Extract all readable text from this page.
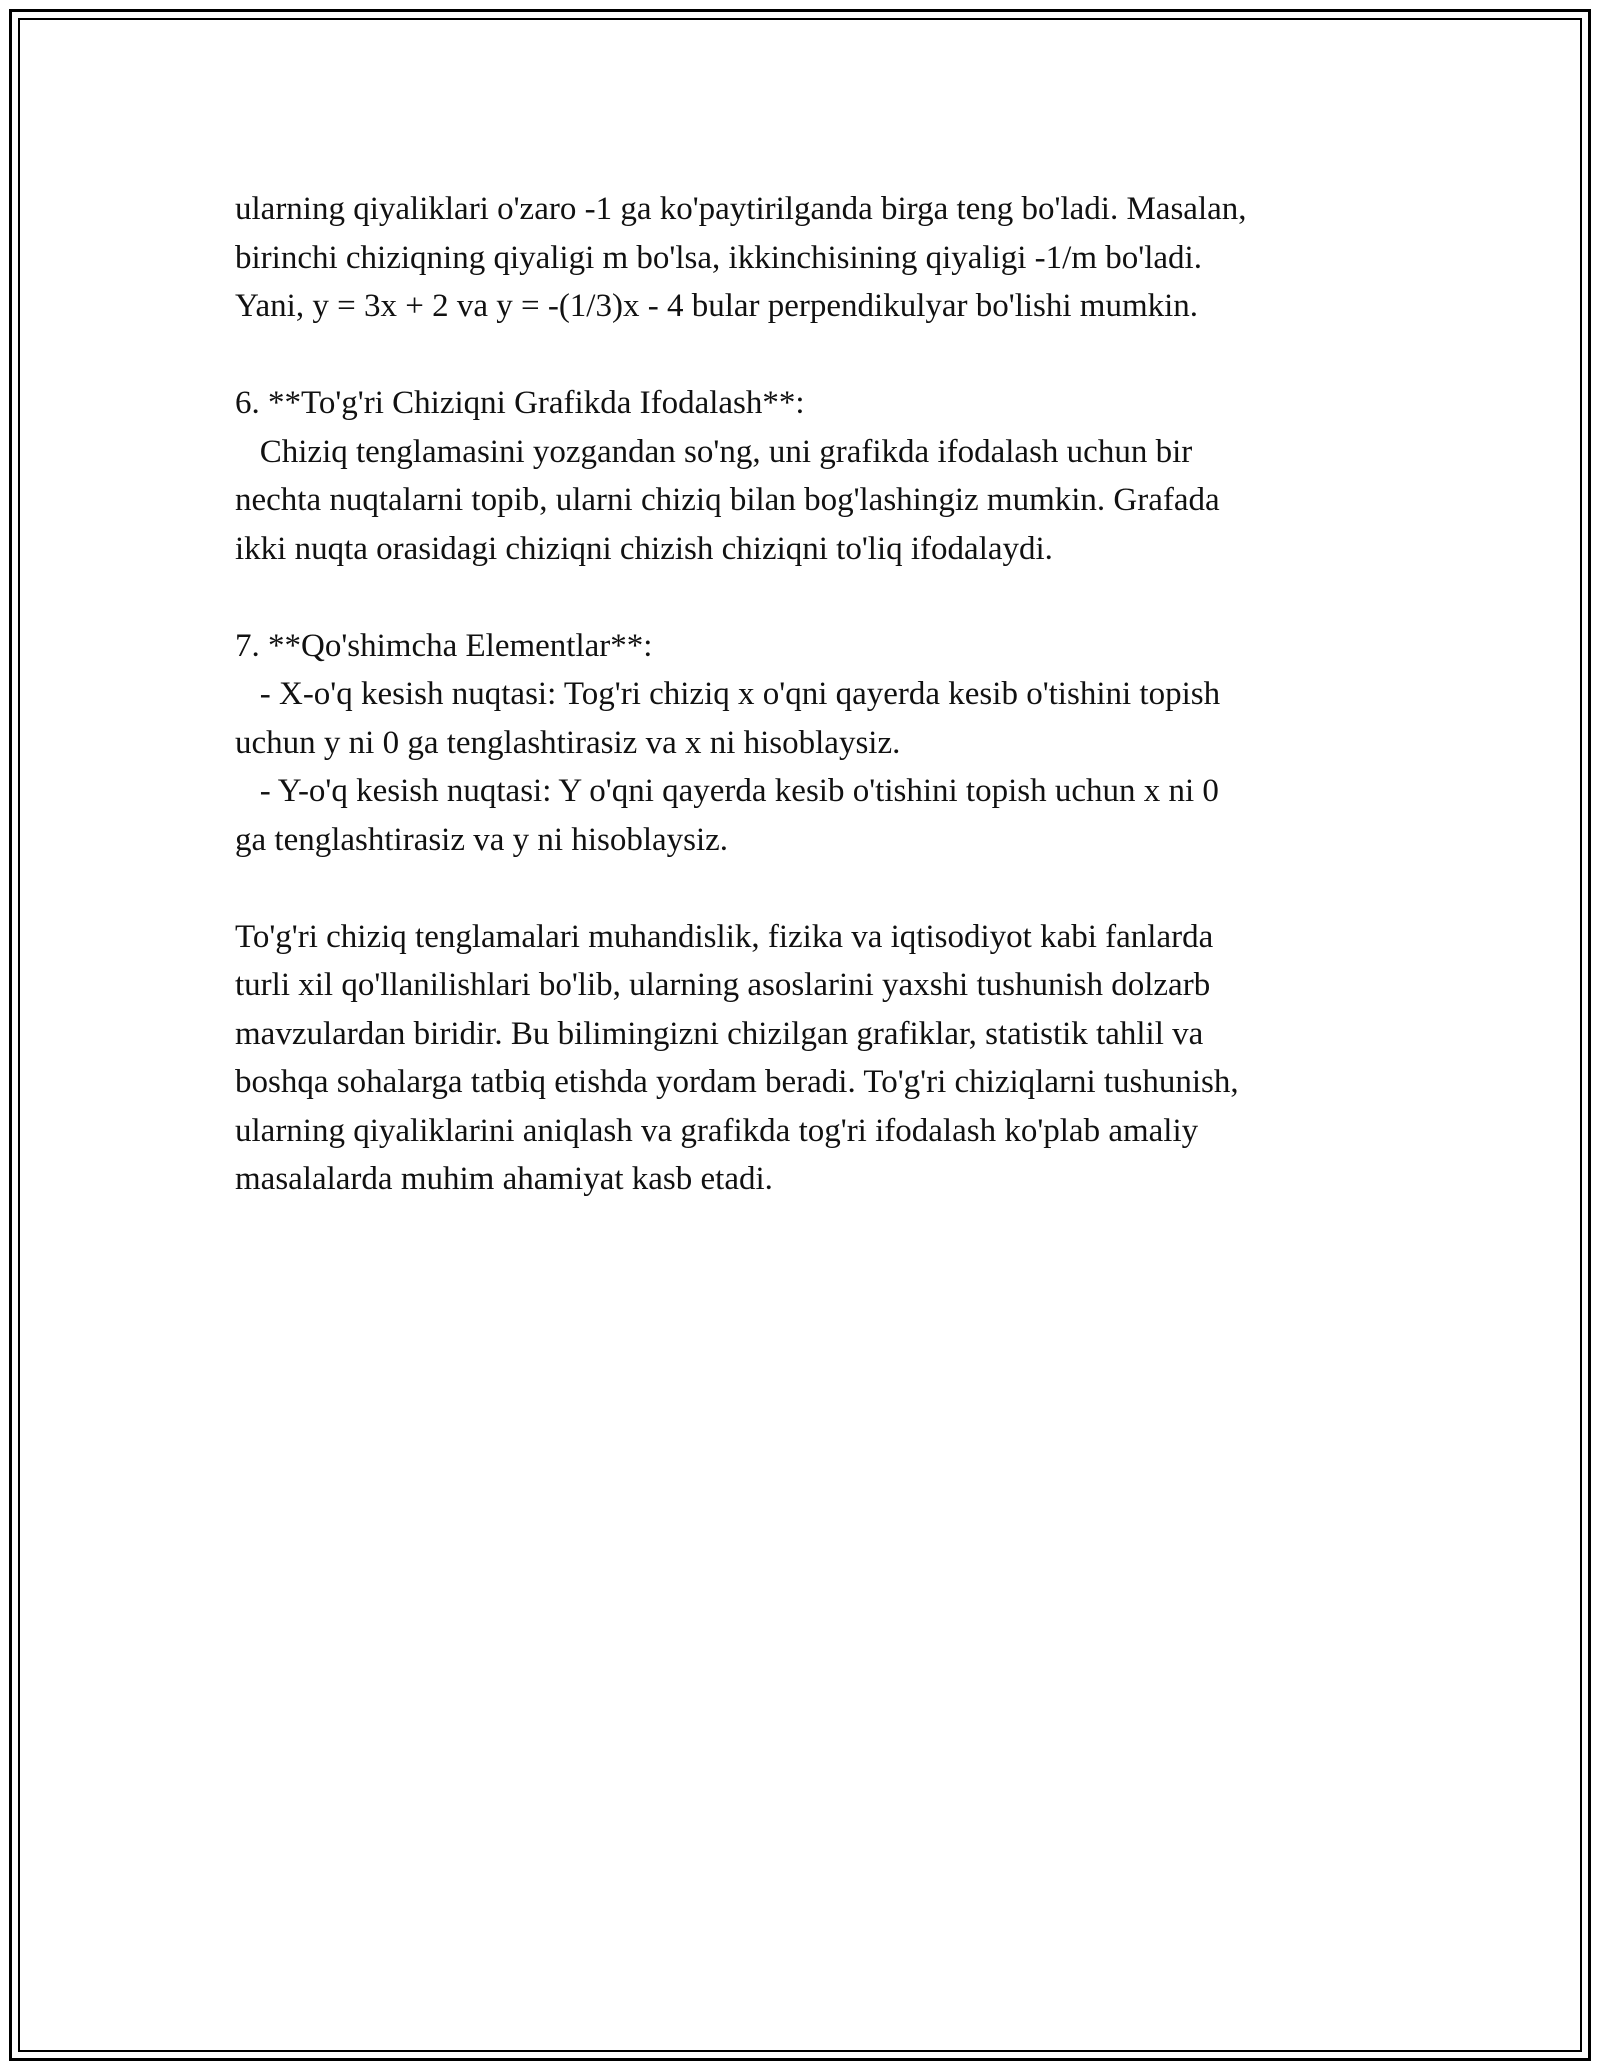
ularning qiyaliklari o'zaro -1 ga ko'paytirilganda birga teng bo'ladi. Masalan,
birinchi chiziqning qiyaligi m bo'lsa, ikkinchisining qiyaligi -1/m bo'ladi.
Yani, y = 3x + 2 va y = -(1/3)x - 4 bular perpendikulyar bo'lishi mumkin.
6. **To'g'ri Chiziqni Grafikda Ifodalash**:
Chiziq tenglamasini yozgandan so'ng, uni grafikda ifodalash uchun bir
nechta nuqtalarni topib, ularni chiziq bilan bog'lashingiz mumkin. Grafada
ikki nuqta orasidagi chiziqni chizish chiziqni to'liq ifodalaydi.
7. **Qo'shimcha Elementlar**:
- X-o'q kesish nuqtasi: Tog'ri chiziq x o'qni qayerda kesib o'tishini topish
uchun y ni 0 ga tenglashtirasiz va x ni hisoblaysiz.
- Y-o'q kesish nuqtasi: Y o'qni qayerda kesib o'tishini topish uchun x ni 0
ga tenglashtirasiz va y ni hisoblaysiz.
To'g'ri chiziq tenglamalari muhandislik, fizika va iqtisodiyot kabi fanlarda
turli xil qo'llanilishlari bo'lib, ularning asoslarini yaxshi tushunish dolzarb
mavzulardan biridir. Bu bilimingizni chizilgan grafiklar, statistik tahlil va
boshqa sohalarga tatbiq etishda yordam beradi. To'g'ri chiziqlarni tushunish,
ularning qiyaliklarini aniqlash va grafikda tog'ri ifodalash ko'plab amaliy
masalalarda muhim ahamiyat kasb etadi.
